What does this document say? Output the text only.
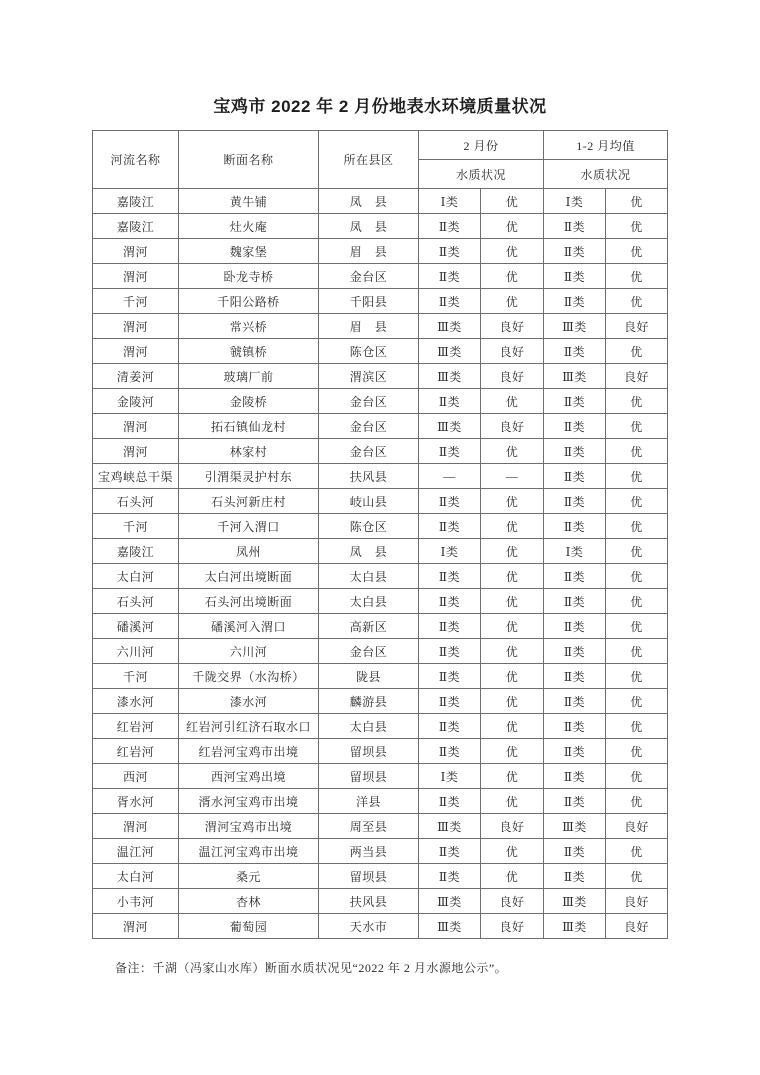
宝鸡市 2022 年 2 月份地表水环境质量状况
河流名称	断面名称	所在县区	2 月份		1-2 月均值	
			水质状况		水质状况	
嘉陵江	黄牛铺	凤　县	Ⅰ类	优	Ⅰ类	优
嘉陵江	灶火庵	凤　县	Ⅱ类	优	Ⅱ类	优
渭河	魏家堡	眉　县	Ⅱ类	优	Ⅱ类	优
渭河	卧龙寺桥	金台区	Ⅱ类	优	Ⅱ类	优
千河	千阳公路桥	千阳县	Ⅱ类	优	Ⅱ类	优
渭河	常兴桥	眉　县	Ⅲ类	良好	Ⅲ类	良好
渭河	虢镇桥	陈仓区	Ⅲ类	良好	Ⅱ类	优
清姜河	玻璃厂前	渭滨区	Ⅲ类	良好	Ⅲ类	良好
金陵河	金陵桥	金台区	Ⅱ类	优	Ⅱ类	优
渭河	拓石镇仙龙村	金台区	Ⅲ类	良好	Ⅱ类	优
渭河	林家村	金台区	Ⅱ类	优	Ⅱ类	优
宝鸡峡总干渠	引渭渠灵护村东	扶风县	—	—	Ⅱ类	优
石头河	石头河新庄村	岐山县	Ⅱ类	优	Ⅱ类	优
千河	千河入渭口	陈仓区	Ⅱ类	优	Ⅱ类	优
嘉陵江	凤州	凤　县	Ⅰ类	优	Ⅰ类	优
太白河	太白河出境断面	太白县	Ⅱ类	优	Ⅱ类	优
石头河	石头河出境断面	太白县	Ⅱ类	优	Ⅱ类	优
磻溪河	磻溪河入渭口	高新区	Ⅱ类	优	Ⅱ类	优
六川河	六川河	金台区	Ⅱ类	优	Ⅱ类	优
千河	千陇交界（水沟桥）	陇县	Ⅱ类	优	Ⅱ类	优
漆水河	漆水河	麟游县	Ⅱ类	优	Ⅱ类	优
红岩河	红岩河引红济石取水口	太白县	Ⅱ类	优	Ⅱ类	优
红岩河	红岩河宝鸡市出境	留坝县	Ⅱ类	优	Ⅱ类	优
西河	西河宝鸡出境	留坝县	Ⅰ类	优	Ⅱ类	优
胥水河	湑水河宝鸡市出境	洋县	Ⅱ类	优	Ⅱ类	优
渭河	渭河宝鸡市出境	周至县	Ⅲ类	良好	Ⅲ类	良好
温江河	温江河宝鸡市出境	两当县	Ⅱ类	优	Ⅱ类	优
太白河	桑元	留坝县	Ⅱ类	优	Ⅱ类	优
小韦河	杏林	扶风县	Ⅲ类	良好	Ⅲ类	良好
渭河	葡萄园	天水市	Ⅲ类	良好	Ⅲ类	良好

备注：千湖（冯家山水库）断面水质状况见“2022 年 2 月水源地公示”。
